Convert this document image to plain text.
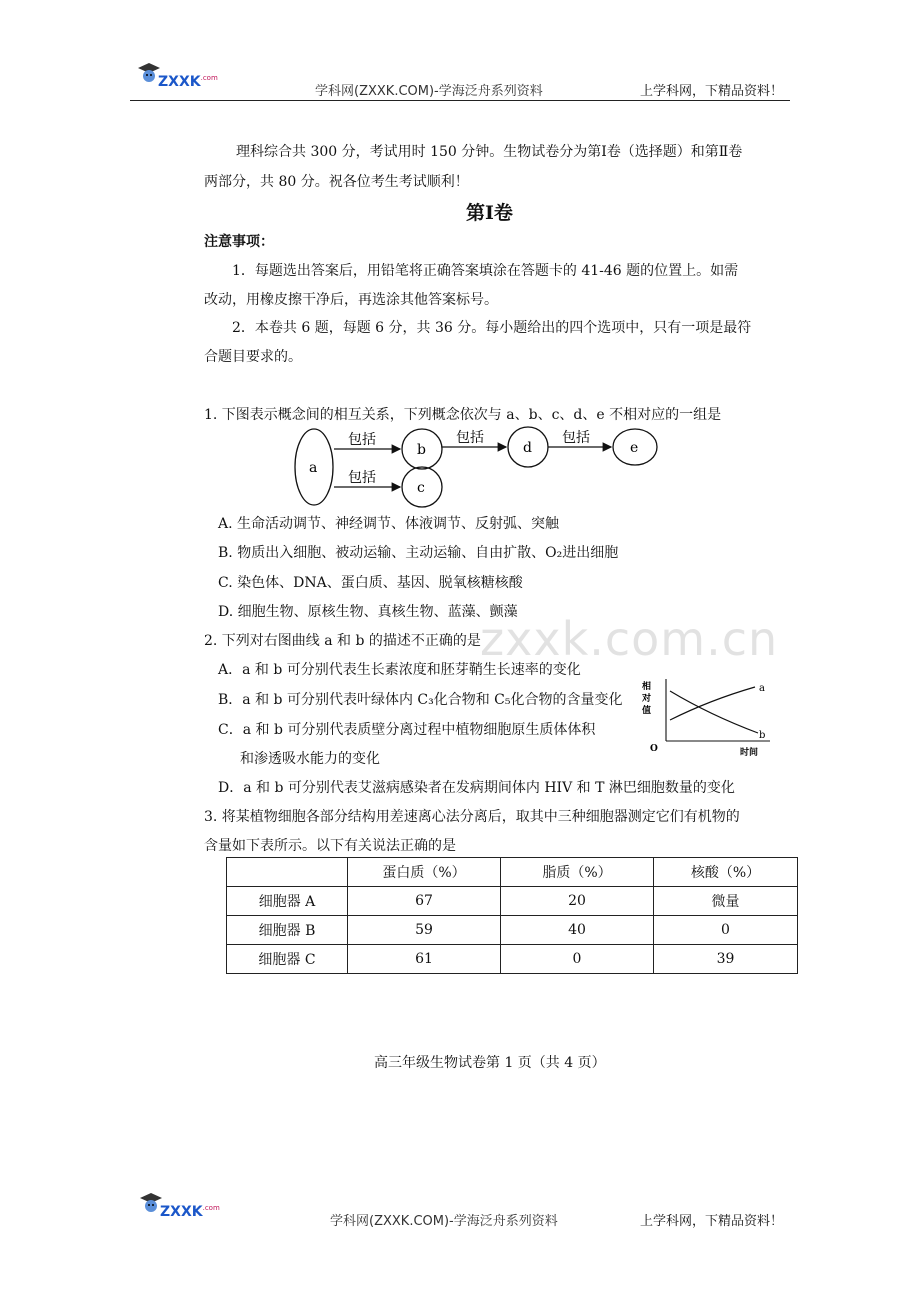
$ZXXK^{.com}$
学科网(ZXXK.COM)-学海泛舟系列资料	上学科网，下精品资料！
理科综合共 300 分，考试用时 150 分钟。生物试卷分为第Ⅰ卷（选择题）和第Ⅱ卷
两部分，共 80 分。祝各位考生考试顺利！
第Ⅰ卷
注意事项：
1．每题选出答案后，用铅笔将正确答案填涂在答题卡的 41-46 题的位置上。如需
改动，用橡皮擦干净后，再选涂其他答案标号。
2．本卷共 6 题，每题 6 分，共 36 分。每小题给出的四个选项中，只有一项是最符
合题目要求的。
1. 下图表示概念间的相互关系，下列概念依次与 a、b、c、d、e 不相对应的一组是
a
b
c
d	e
包括
包括
包括	包括
A. 生命活动调节、神经调节、体液调节、反射弧、突触
B. 物质出入细胞、被动运输、主动运输、自由扩散、O₂进出细胞
C. 染色体、DNA、蛋白质、基因、脱氧核糖核酸
D. 细胞生物、原核生物、真核生物、蓝藻、颤藻
2. 下列对右图曲线 a 和 b 的描述不正确的是
A．a 和 b 可分别代表生长素浓度和胚芽鞘生长速率的变化
B．a 和 b 可分别代表叶绿体内 C₃化合物和 C₅化合物的含量变化
C．a 和 b 可分别代表质壁分离过程中植物细胞原生质体体积
和渗透吸水能力的变化
D．a 和 b 可分别代表艾滋病感染者在发病期间体内 HIV 和 T 淋巴细胞数量的变化
相
对
值
a
b
O	时间
3. 将某植物细胞各部分结构用差速离心法分离后，取其中三种细胞器测定它们有机物的
含量如下表所示。以下有关说法正确的是
	蛋白质（%）	脂质（%）	核酸（%）
细胞器 A	67	20	微量
细胞器 B	59	40	0
细胞器 C	61	0	39
zxxk.com.cn
高三年级生物试卷第 1 页（共 4 页）
$ZXXK^{.com}$
学科网(ZXXK.COM)-学海泛舟系列资料	上学科网，下精品资料！
